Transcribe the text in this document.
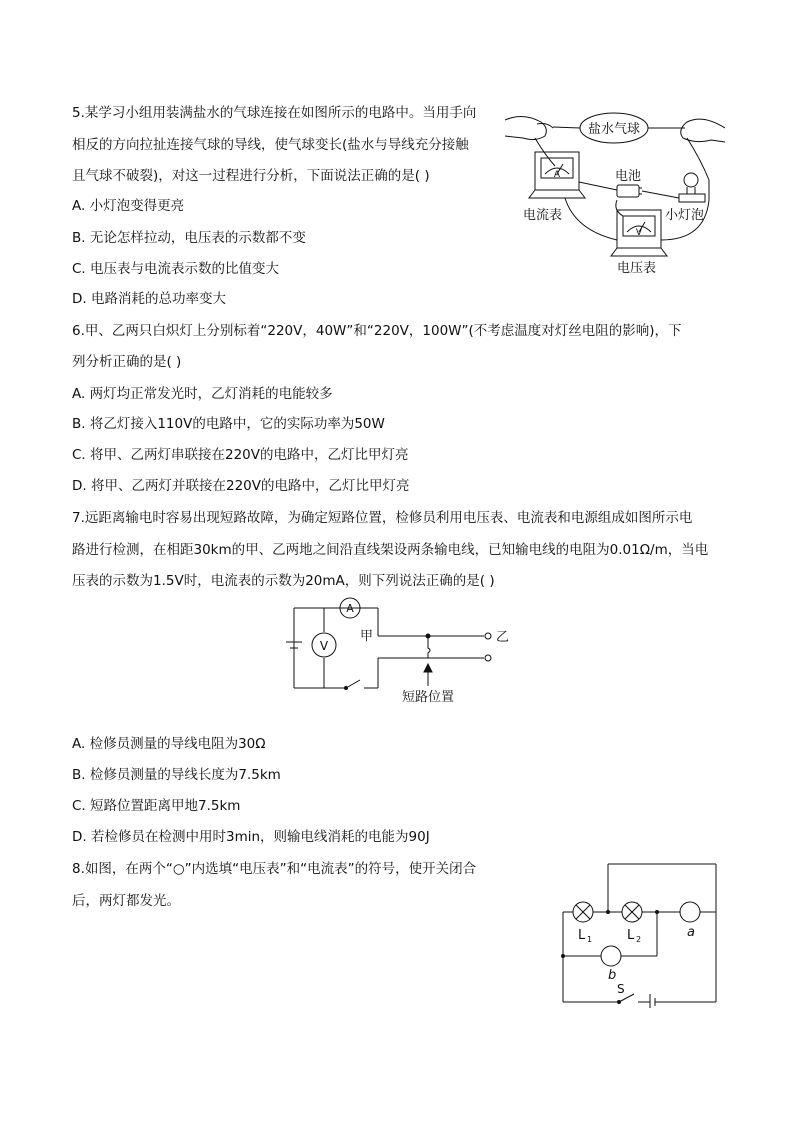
5.某学习小组用装满盐水的气球连接在如图所示的电路中。当用手向
相反的方向拉扯连接气球的导线，使气球变长(盐水与导线充分接触
且气球不破裂)，对这一过程进行分析，下面说法正确的是( )
A. 小灯泡变得更亮
B. 无论怎样拉动，电压表的示数都不变
C. 电压表与电流表示数的比值变大
D. 电路消耗的总功率变大
盐水气球
A
V
电池
电流表	小灯泡
电压表
6.甲、乙两只白炽灯上分别标着“220V，40W”和“220V，100W”(不考虑温度对灯丝电阻的影响)，下
列分析正确的是( )
A. 两灯均正常发光时，乙灯消耗的电能较多
B. 将乙灯接入110V的电路中，它的实际功率为50W
C. 将甲、乙两灯串联接在220V的电路中，乙灯比甲灯亮
D. 将甲、乙两灯并联接在220V的电路中，乙灯比甲灯亮
7.远距离输电时容易出现短路故障，为确定短路位置，检修员利用电压表、电流表和电源组成如图所示电
路进行检测，在相距30km的甲、乙两地之间沿直线架设两条输电线，已知输电线的电阻为0.01Ω/m，当电
压表的示数为1.5V时，电流表的示数为20mA，则下列说法正确的是( )
V
A
甲	乙
短路位置
A. 检修员测量的导线电阻为30Ω
B. 检修员测量的导线长度为7.5km
C. 短路位置距离甲地7.5km
D. 若检修员在检测中用时3min，则输电线消耗的电能为90J
8.如图，在两个“○”内选填“电压表”和“电流表”的符号，使开关闭合
后，两灯都发光。
L 1	L 2	a
b
S
